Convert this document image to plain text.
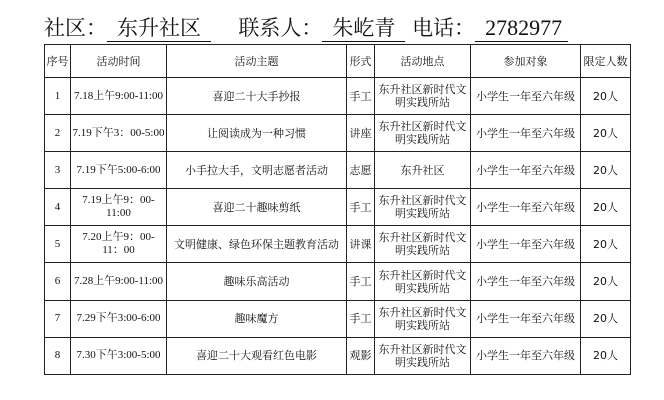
社区： 东升社区 联系人： 朱屹青 电话： 2782977
序号	活动时间	活动主题	形式	活动地点	参加对象	限定人数
1	7.18上午9:00-11:00	喜迎二十大手抄报	手工	东升社区新时代文明实践所站	小学生一年至六年级	20人
2	7.19下午3：00-5:00	让阅读成为一种习惯	讲座	东升社区新时代文明实践所站	小学生一年至六年级	20人
3	7.19下午5:00-6:00	小手拉大手，文明志愿者活动	志愿	东升社区	小学生一年至六年级	20人
4	7.19上午9：00-11:00	喜迎二十趣味剪纸	手工	东升社区新时代文明实践所站	小学生一年至六年级	20人
5	7.20上午9：00-11：00	文明健康、绿色环保主题教育活动	讲课	东升社区新时代文明实践所站	小学生一年至六年级	20人
6	7.28上午9:00-11:00	趣味乐高活动	手工	东升社区新时代文明实践所站	小学生一年至六年级	20人
7	7.29下午3:00-6:00	趣味魔方	手工	东升社区新时代文明实践所站	小学生一年至六年级	20人
8	7.30下午3:00-5:00	喜迎二十大观看红色电影	观影	东升社区新时代文明实践所站	小学生一年至六年级	20人
